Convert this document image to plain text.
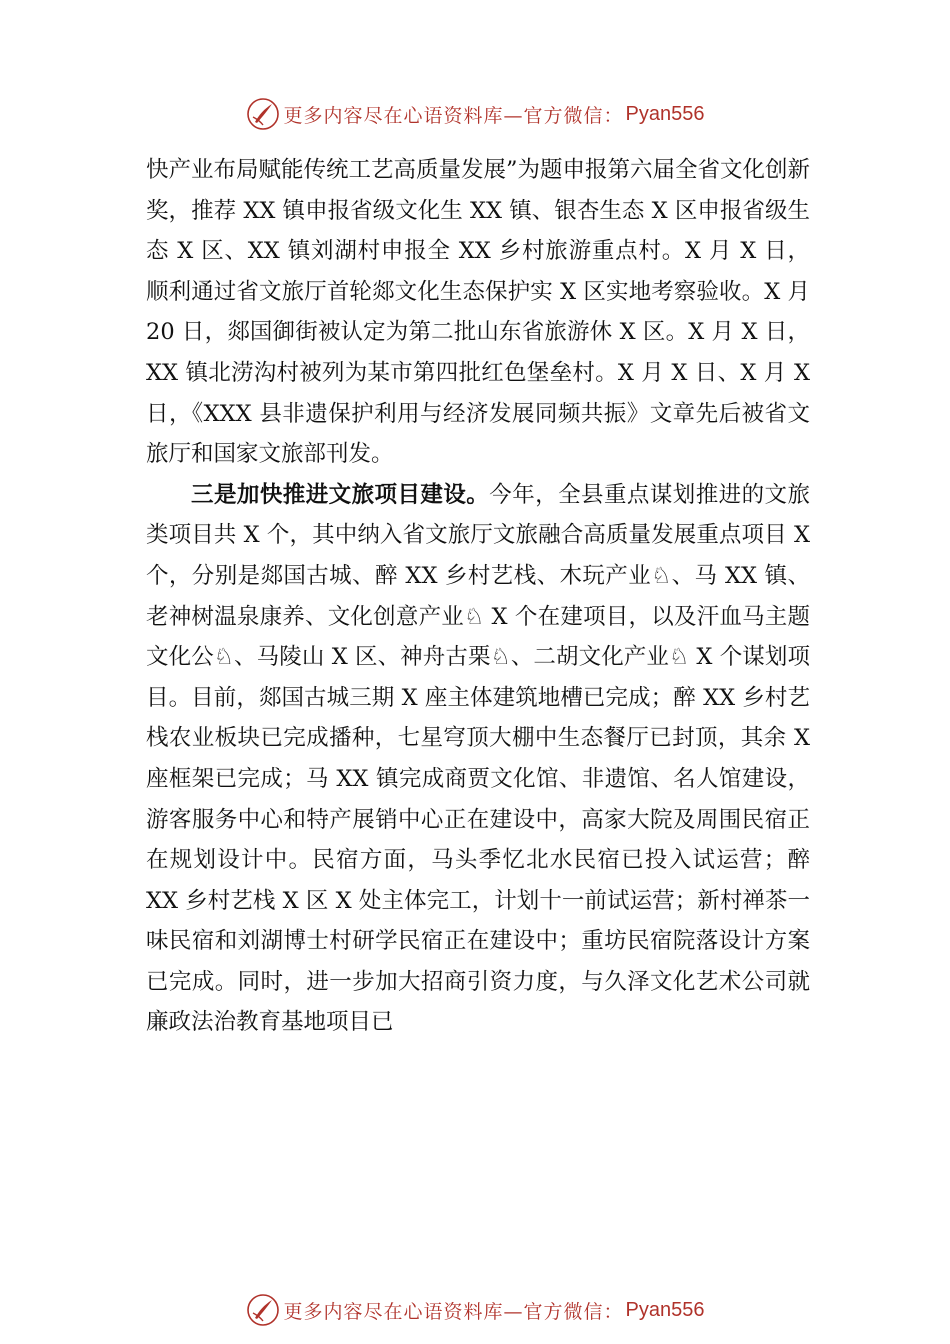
更多内容尽在心语资料库—官方微信： Pyan556

快产业布局赋能传统工艺高质量发展”为题申报第六届全省文化创新奖，推荐 XX 镇申报省级文化生 XX 镇、银杏生态 X 区申报省级生态 X 区、XX 镇刘湖村申报全 XX 乡村旅游重点村。X 月 X 日，顺利通过省文旅厅首轮郯文化生态保护实 X 区实地考察验收。X 月 20 日，郯国御街被认定为第二批山东省旅游休 X 区。X 月 X 日，XX 镇北涝沟村被列为某市第四批红色堡垒村。X 月 X 日、X 月 X 日，《XXX 县非遗保护利用与经济发展同频共振》文章先后被省文旅厅和国家文旅部刊发。

三是加快推进文旅项目建设。今年，全县重点谋划推进的文旅类项目共 X 个，其中纳入省文旅厅文旅融合高质量发展重点项目 X 个，分别是郯国古城、醉 XX 乡村艺栈、木玩产业♘、马 XX 镇、老神树温泉康养、文化创意产业♘ X 个在建项目，以及汗血马主题文化公♘、马陵山 X 区、神舟古栗♘、二胡文化产业♘ X 个谋划项目。目前，郯国古城三期 X 座主体建筑地槽已完成；醉 XX 乡村艺栈农业板块已完成播种，七星穹顶大棚中生态餐厅已封顶，其余 X 座框架已完成；马 XX 镇完成商贾文化馆、非遗馆、名人馆建设， 游客服务中心和特产展销中心正在建设中，高家大院及周围民宿正在规划设计中。民宿方面，马头季忆北水民宿已投入试运营；醉 XX 乡村艺栈 X 区 X 处主体完工，计划十一前试运营；新村禅茶一味民宿和刘湖博士村研学民宿正在建设中；重坊民宿院落设计方案已完成。同时，进一步加大招商引资力度，与久泽文化艺术公司就廉政法治教育基地项目已

更多内容尽在心语资料库—官方微信： Pyan556
